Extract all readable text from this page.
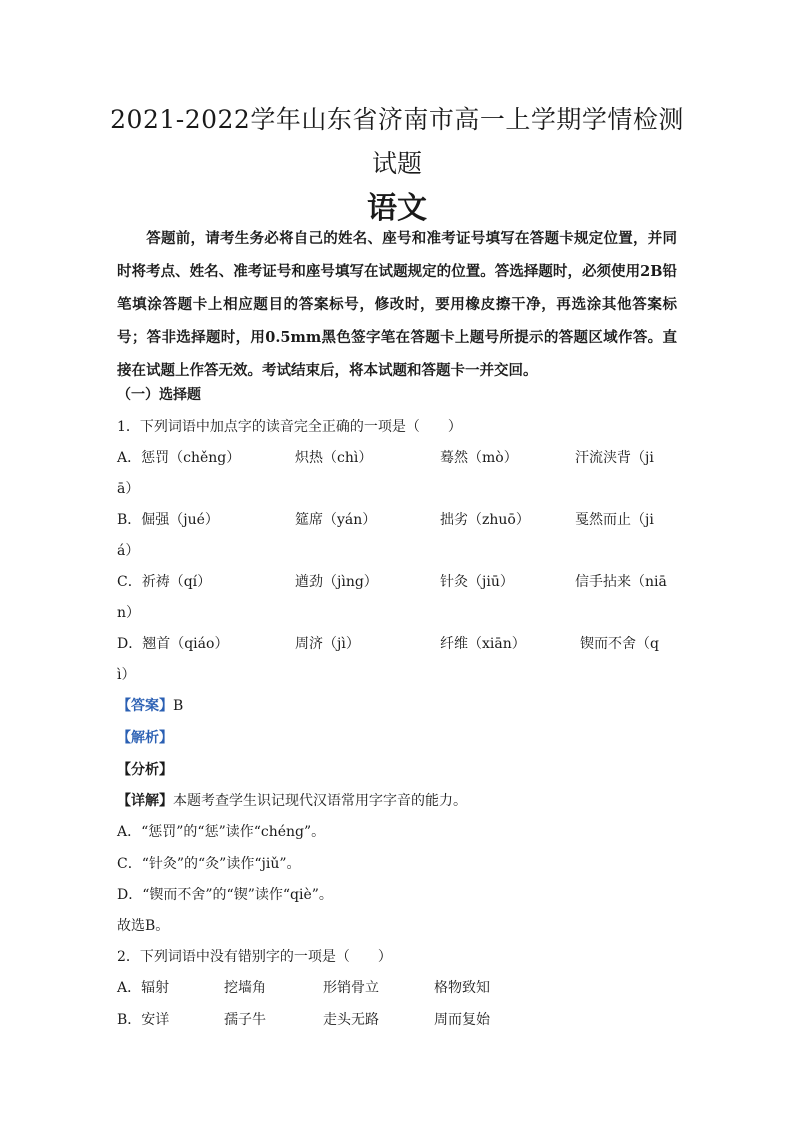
2021-2022学年山东省济南市高一上学期学情检测
试题
语文
答题前，请考生务必将自己的姓名、座号和准考证号填写在答题卡规定位置，并同时将考点、姓名、准考证号和座号填写在试题规定的位置。答选择题时，必须使用2B铅笔填涂答题卡上相应题目的答案标号，修改时，要用橡皮擦干净，再选涂其他答案标号；答非选择题时，用0.5mm黑色签字笔在答题卡上题号所提示的答题区域作答。直接在试题上作答无效。考试结束后，将本试题和答题卡一并交回。
（一）选择题
1．下列词语中加点字的读音完全正确的一项是（　　）
A．惩罚（chěng）	炽热（chì）	蓦然（mò）	汗流浃背（ji
ā）
B．倔强（jué）	筵席（yán）	拙劣（zhuō）	戛然而止（ji
á）
C．祈祷（qí）	遒劲（jìng）	针灸（jiū）	信手拈来（niā
n）
D．翘首（qiáo）	周济（jì）	纤维（xiān）	锲而不舍（q
ì）
【答案】B
【解析】
【分析】
【详解】本题考查学生识记现代汉语常用字字音的能力。
A．“惩罚”的“惩”读作“chéng”。
C．“针灸”的“灸”读作“jiǔ”。
D．“锲而不舍”的“锲”读作“qiè”。
故选B。
2．下列词语中没有错别字的一项是（　　）
A．辐射	挖墙角	形销骨立	格物致知
B．安详	孺子牛	走头无路	周而复始
